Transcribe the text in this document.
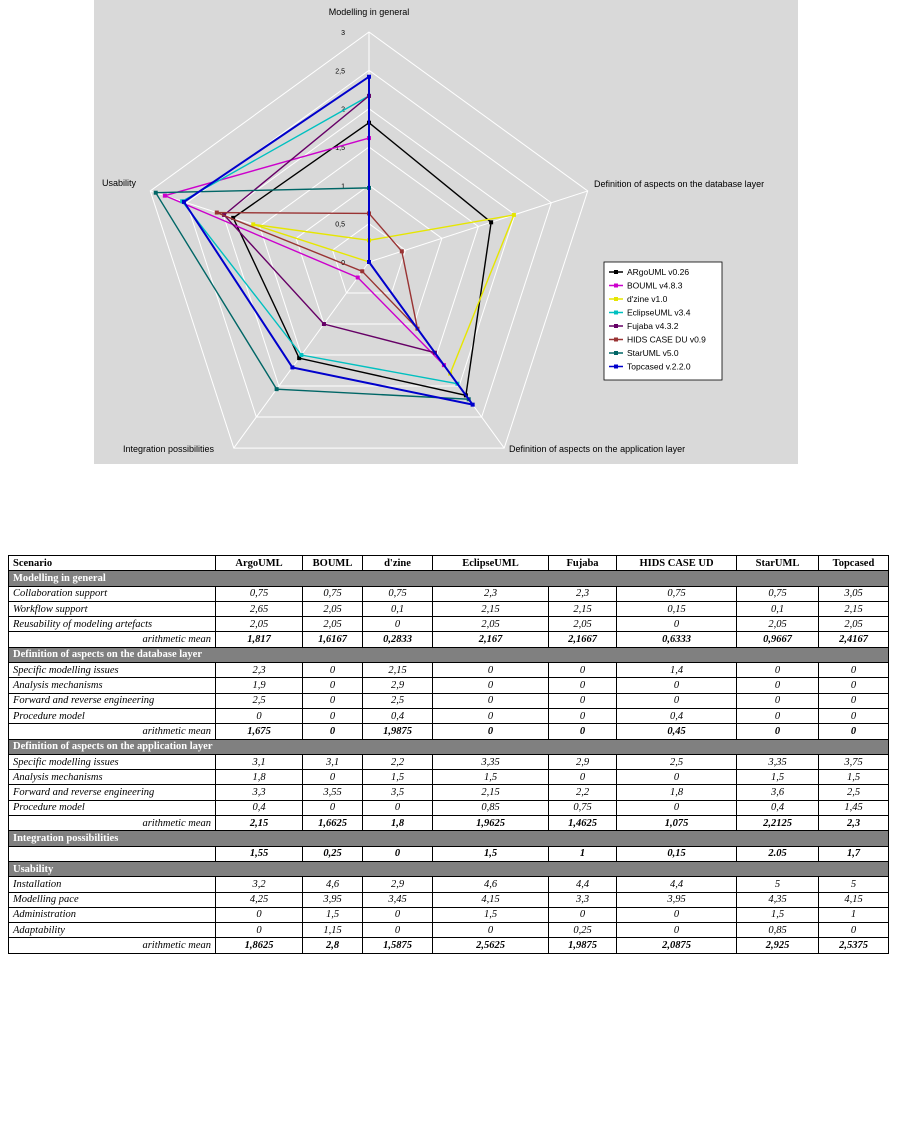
3
2,5
2
1,5
1
0,5
0
Modelling in general
Definition of aspects on the database layer
Definition of aspects on the application layer
Integration possibilities
Usability
ARgoUML v0.26
BOUML v4.8.3
d'zine v1.0
EclipseUML v3.4
Fujaba v4.3.2
HIDS CASE DU v0.9
StarUML v5.0
Topcased v.2.2.0
Scenario	ArgoUML	BOUML	d'zine	EclipseUML	Fujaba	HIDS CASE UD	StarUML	Topcased
Modelling in general								
Collaboration support	0,75	0,75	0,75	2,3	2,3	0,75	0,75	3,05
Workflow support	2,65	2,05	0,1	2,15	2,15	0,15	0,1	2,15
Reusability of modeling artefacts	2,05	2,05	0	2,05	2,05	0	2,05	2,05
arithmetic mean	1,817	1,6167	0,2833	2,167	2,1667	0,6333	0,9667	2,4167
Definition of aspects on the database layer								
Specific modelling issues	2,3	0	2,15	0	0	1,4	0	0
Analysis mechanisms	1,9	0	2,9	0	0	0	0	0
Forward and reverse engineering	2,5	0	2,5	0	0	0	0	0
Procedure model	0	0	0,4	0	0	0,4	0	0
arithmetic mean	1,675	0	1,9875	0	0	0,45	0	0
Definition of aspects on the application layer								
Specific modelling issues	3,1	3,1	2,2	3,35	2,9	2,5	3,35	3,75
Analysis mechanisms	1,8	0	1,5	1,5	0	0	1,5	1,5
Forward and reverse engineering	3,3	3,55	3,5	2,15	2,2	1,8	3,6	2,5
Procedure model	0,4	0	0	0,85	0,75	0	0,4	1,45
arithmetic mean	2,15	1,6625	1,8	1,9625	1,4625	1,075	2,2125	2,3
Integration possibilities								
	1,55	0,25	0	1,5	1	0,15	2.05	1,7
Usability								
Installation	3,2	4,6	2,9	4,6	4,4	4,4	5	5
Modelling pace	4,25	3,95	3,45	4,15	3,3	3,95	4,35	4,15
Administration	0	1,5	0	1,5	0	0	1,5	1
Adaptability	0	1,15	0	0	0,25	0	0,85	0
arithmetic mean	1,8625	2,8	1,5875	2,5625	1,9875	2,0875	2,925	2,5375
